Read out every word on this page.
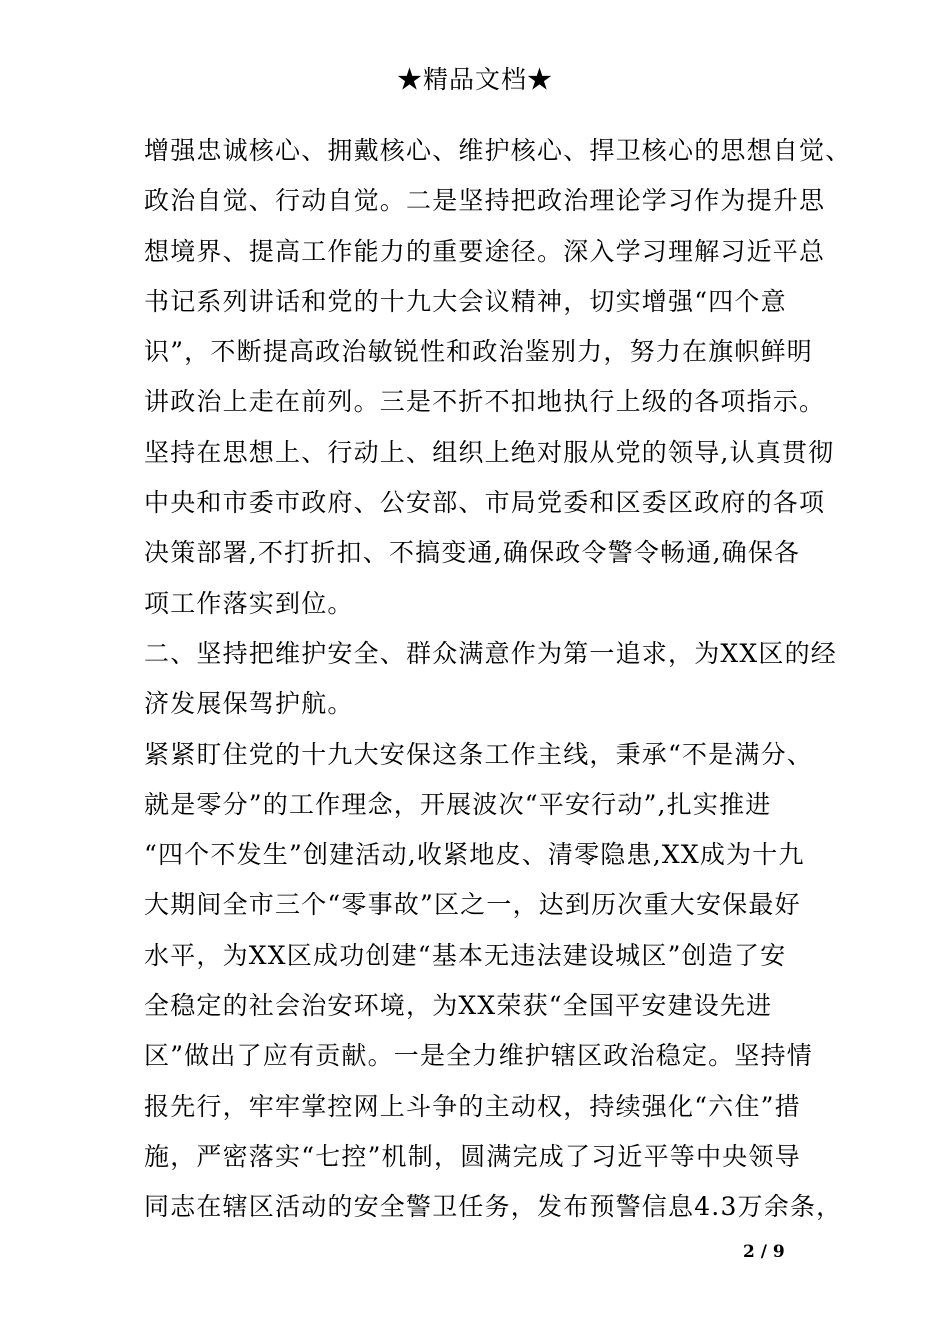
★精品文档★
增强忠诚核心、拥戴核心、维护核心、捍卫核心的思想自觉、
政治自觉、行动自觉。二是坚持把政治理论学习作为提升思
想境界、提高工作能力的重要途径。深入学习理解习近平总
书记系列讲话和党的十九大会议精神，切实增强“四个意
识”，不断提高政治敏锐性和政治鉴别力，努力在旗帜鲜明
讲政治上走在前列。三是不折不扣地执行上级的各项指示。
坚持在思想上、行动上、组织上绝对服从党的领导,认真贯彻
中央和市委市政府、公安部、市局党委和区委区政府的各项
决策部署,不打折扣、不搞变通,确保政令警令畅通,确保各
项工作落实到位。
二、坚持把维护安全、群众满意作为第一追求，为XX区的经
济发展保驾护航。
紧紧盯住党的十九大安保这条工作主线，秉承“不是满分、
就是零分”的工作理念，开展波次“平安行动”,扎实推进
“四个不发生”创建活动,收紧地皮、清零隐患,XX成为十九
大期间全市三个“零事故”区之一，达到历次重大安保最好
水平，为XX区成功创建“基本无违法建设城区”创造了安
全稳定的社会治安环境，为XX荣获“全国平安建设先进
区”做出了应有贡献。一是全力维护辖区政治稳定。坚持情
报先行，牢牢掌控网上斗争的主动权，持续强化“六住”措
施，严密落实“七控”机制，圆满完成了习近平等中央领导
同志在辖区活动的安全警卫任务，发布预警信息4.3万余条，
2 / 9
